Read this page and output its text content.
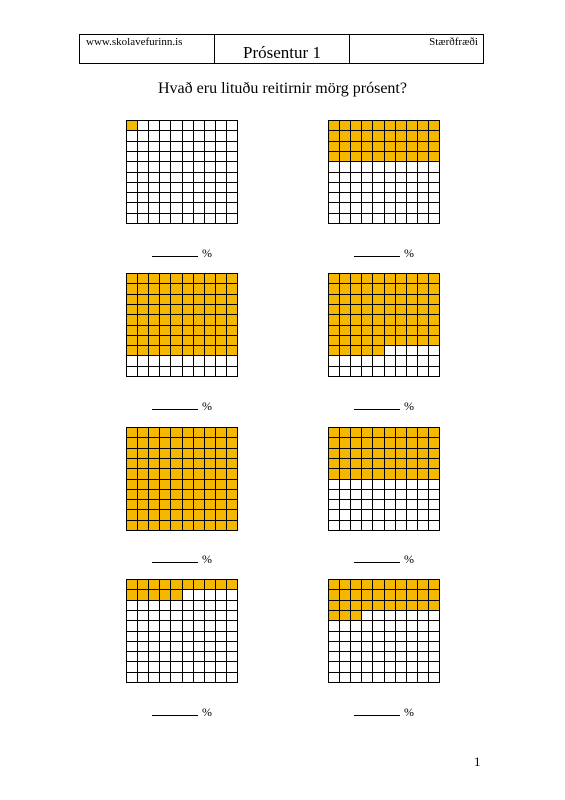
www.skolavefurinn.is
Prósentur 1
Stærðfræði
Hvað eru lituðu reitirnir mörg prósent?
%	%
%	%
%	%
%	%
1
